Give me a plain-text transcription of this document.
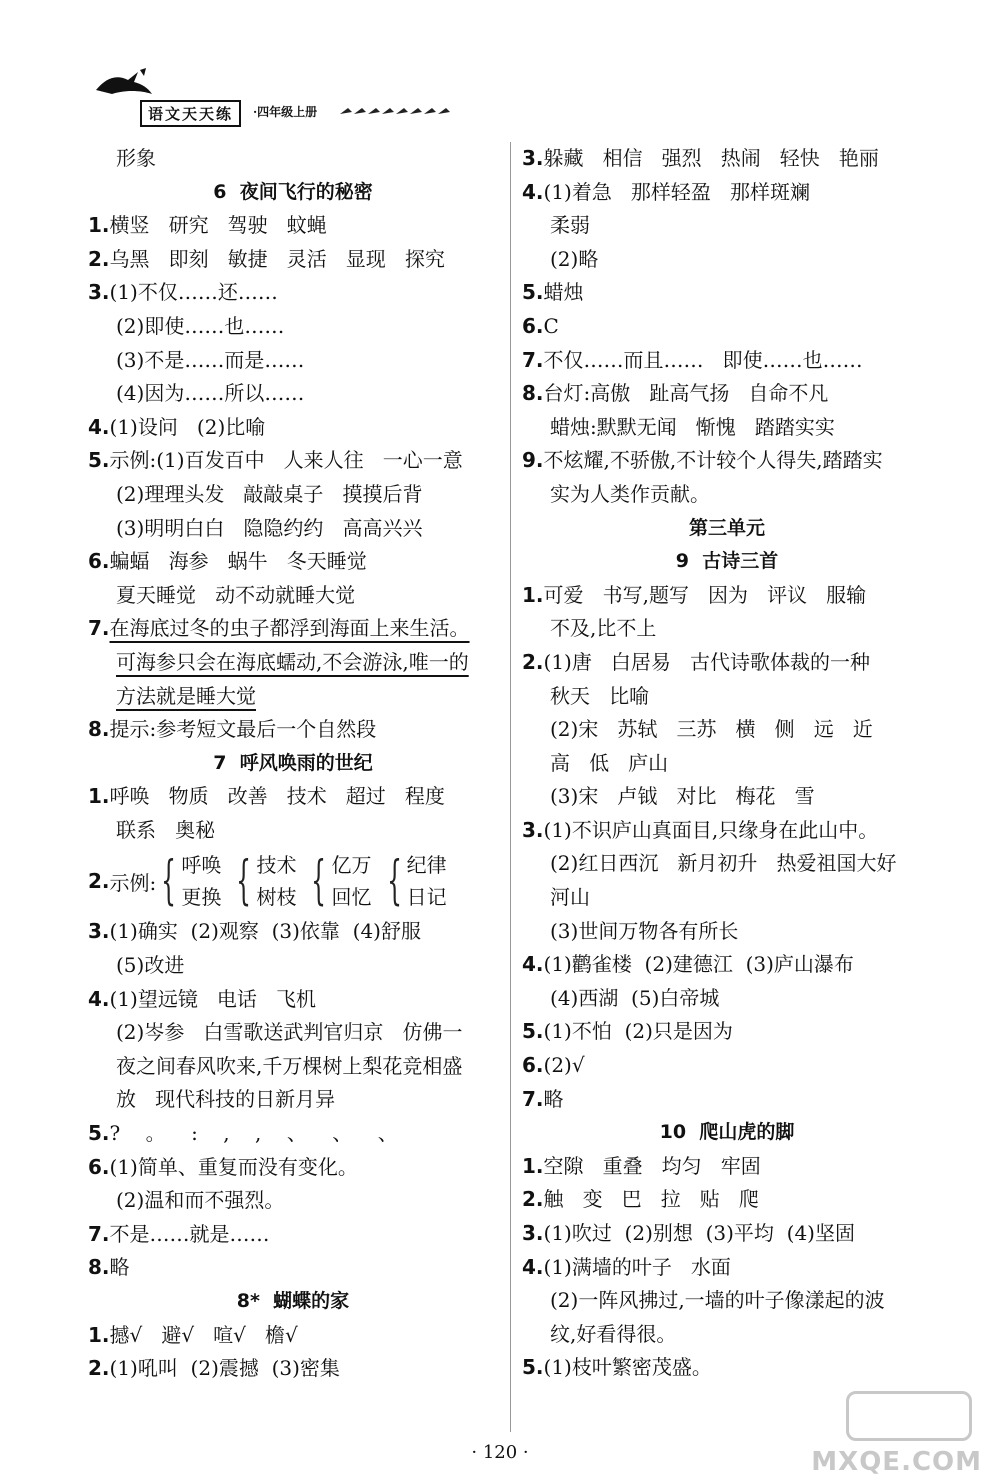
语文天天练	·四年级上册
形象
6  夜间飞行的秘密
1.横竖   研究   驾驶   蚊蝇
2.乌黑   即刻   敏捷   灵活   显现   探究
3.(1)不仅……还……
(2)即使……也……
(3)不是……而是……
(4)因为……所以……
4.(1)设问   (2)比喻
5.示例:(1)百发百中   人来人往   一心一意
(2)理理头发   敲敲桌子   摸摸后背
(3)明明白白   隐隐约约   高高兴兴
6.蝙蝠   海参   蜗牛   冬天睡觉
夏天睡觉   动不动就睡大觉
7.在海底过冬的虫子都浮到海面上来生活。
可海参只会在海底蠕动,不会游泳,唯一的
方法就是睡大觉
8.提示:参考短文最后一个自然段
7  呼风唤雨的世纪
1.呼唤   物质   改善   技术   超过   程度
联系   奥秘
2. 示例: { 呼唤
更换 { 技术
树枝 { 亿万
回忆 { 纪律
日记
3.(1)确实  (2)观察  (3)依靠  (4)舒服
(5)改进
4.(1)望远镜   电话   飞机
(2)岑参   白雪歌送武判官归京   仿佛一
夜之间春风吹来,千万棵树上梨花竞相盛
放   现代科技的日新月异
5.?    。    :    ,    ,    、    、    、
6.(1)简单、重复而没有变化。
(2)温和而不强烈。
7.不是……就是……
8.略
8*  蝴蝶的家
1.撼√   避√   喧√   檐√
2.(1)吼叫  (2)震撼  (3)密集
3.躲藏   相信   强烈   热闹   轻快   艳丽
4.(1)着急   那样轻盈   那样斑斓
柔弱
(2)略
5.蜡烛
6.C
7.不仅……而且……   即使……也……
8.台灯:高傲   趾高气扬   自命不凡
蜡烛:默默无闻   惭愧   踏踏实实
9.不炫耀,不骄傲,不计较个人得失,踏踏实
实为人类作贡献。
第三单元
9  古诗三首
1.可爱   书写,题写   因为   评议   服输
不及,比不上
2.(1)唐   白居易   古代诗歌体裁的一种
秋天   比喻
(2)宋   苏轼   三苏   横   侧   远   近
高   低   庐山
(3)宋   卢钺   对比   梅花   雪
3.(1)不识庐山真面目,只缘身在此山中。
(2)红日西沉   新月初升   热爱祖国大好
河山
(3)世间万物各有所长
4.(1)鹳雀楼  (2)建德江  (3)庐山瀑布
(4)西湖  (5)白帝城
5.(1)不怕  (2)只是因为
6.(2)√
7.略
10  爬山虎的脚
1.空隙   重叠   均匀   牢固
2.触   变   巴   拉   贴   爬
3.(1)吹过  (2)别想  (3)平均  (4)坚固
4.(1)满墙的叶子   水面
(2)一阵风拂过,一墙的叶子像漾起的波
纹,好看得很。
5.(1)枝叶繁密茂盛。
· 120 ·	MXQE.COM
